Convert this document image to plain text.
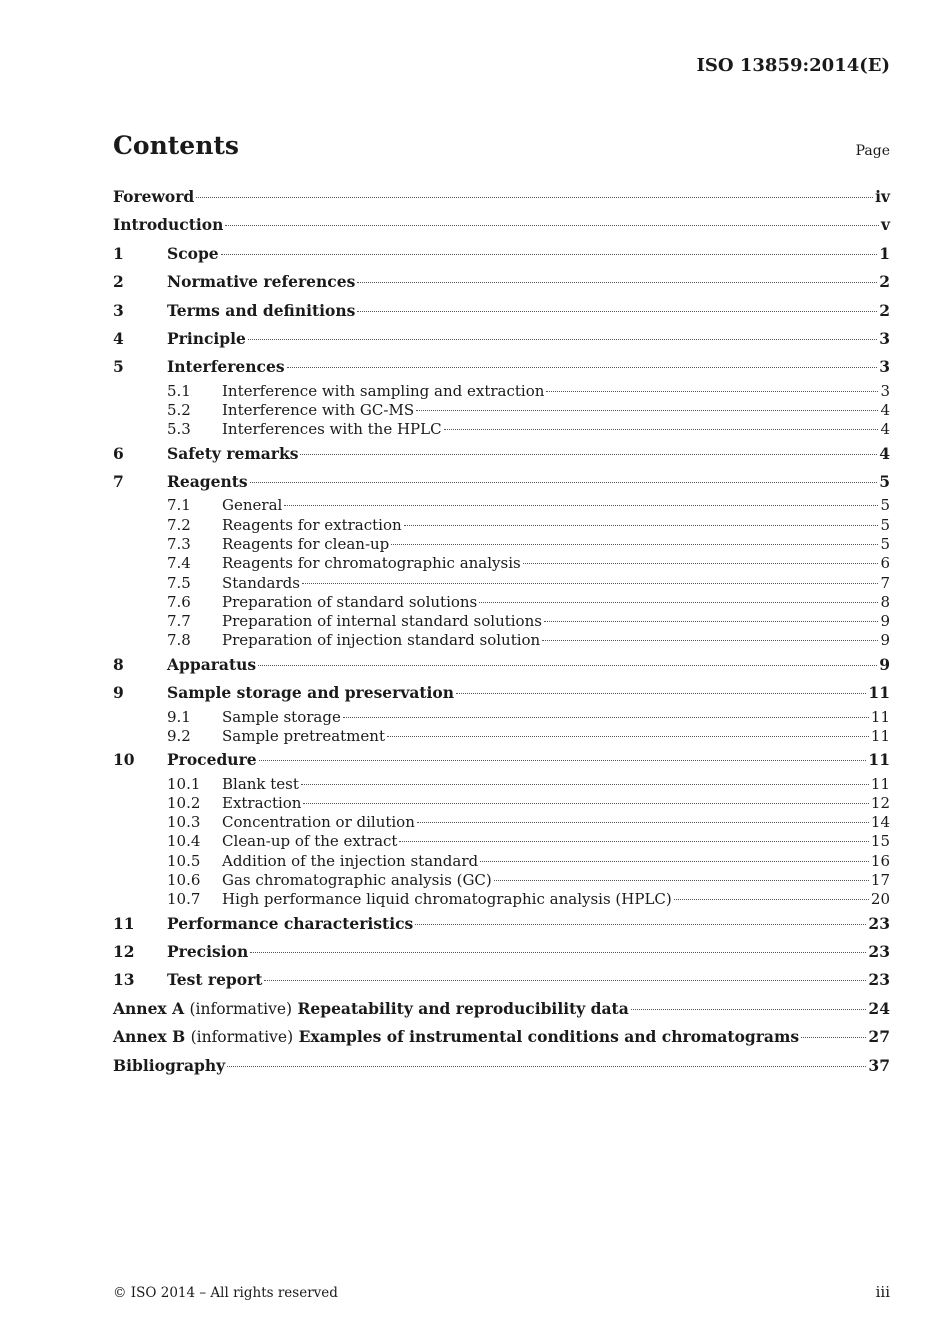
ISO 13859:2014(E)
Contents	Page
Foreword	iv
Introduction	v
1	Scope	1
2	Normative references	2
3	Terms and definitions	2
4	Principle	3
5	Interferences	3
5.1	Interference with sampling and extraction	3
5.2	Interference with GC-MS	4
5.3	Interferences with the HPLC	4
6	Safety remarks	4
7	Reagents	5
7.1	General	5
7.2	Reagents for extraction	5
7.3	Reagents for clean-up	5
7.4	Reagents for chromatographic analysis	6
7.5	Standards	7
7.6	Preparation of standard solutions	8
7.7	Preparation of internal standard solutions	9
7.8	Preparation of injection standard solution	9
8	Apparatus	9
9	Sample storage and preservation	11
9.1	Sample storage	11
9.2	Sample pretreatment	11
10	Procedure	11
10.1	Blank test	11
10.2	Extraction	12
10.3	Concentration or dilution	14
10.4	Clean-up of the extract	15
10.5	Addition of the injection standard	16
10.6	Gas chromatographic analysis (GC)	17
10.7	High performance liquid chromatographic analysis (HPLC)	20
11	Performance characteristics	23
12	Precision	23
13	Test report	23
Annex A (informative) Repeatability and reproducibility data	24
Annex B (informative) Examples of instrumental conditions and chromatograms	27
Bibliography	37
© ISO 2014 – All rights reserved	iii
